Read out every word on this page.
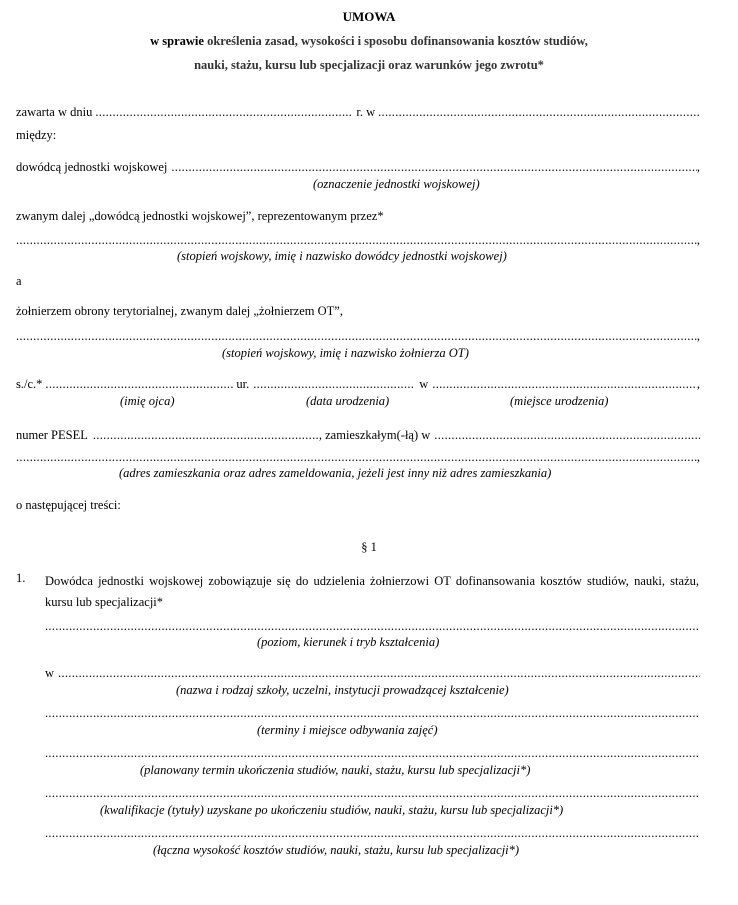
UMOWA
w sprawie określenia zasad, wysokości i sposobu dofinansowania kosztów studiów,
nauki, stażu, kursu lub specjalizacji oraz warunków jego zwrotu*
zawarta w dniu .....	r. w
.....
między:
dowódcą jednostki wojskowej .....	,
(oznaczenie jednostki wojskowej)
zwanym dalej „dowódcą jednostki wojskowej”, reprezentowanym przez*
.....
,
(stopień wojskowy, imię i nazwisko dowódcy jednostki wojskowej)
a
żołnierzem obrony terytorialnej, zwanym dalej „żołnierzem OT”,
.....
,
(stopień wojskowy, imię i nazwisko żołnierza OT)
s./c.* .....	ur. .....	w .....	,
(imię ojca)	(data urodzenia)	(miejsce urodzenia)
numer PESEL .....	, zamieszkałym(-łą) w
.....
.....
,
(adres zamieszkania oraz adres zameldowania, jeżeli jest inny niż adres zamieszkania)
o następującej treści:
§ 1
1. Dowódca jednostki wojskowej zobowiązuje się do udzielenia żołnierzowi OT dofinansowania kosztów studiów, nauki, stażu, kursu lub specjalizacji*
.....
(poziom, kierunek i tryb kształcenia)
w
.....
(nazwa i rodzaj szkoły, uczelni, instytucji prowadzącej kształcenie)
.....
(terminy i miejsce odbywania zajęć)
.....
(planowany termin ukończenia studiów, nauki, stażu, kursu lub specjalizacji*)
.....
(kwalifikacje (tytuły) uzyskane po ukończeniu studiów, nauki, stażu, kursu lub specjalizacji*)
.....
(łączna wysokość kosztów studiów, nauki, stażu, kursu lub specjalizacji*)
